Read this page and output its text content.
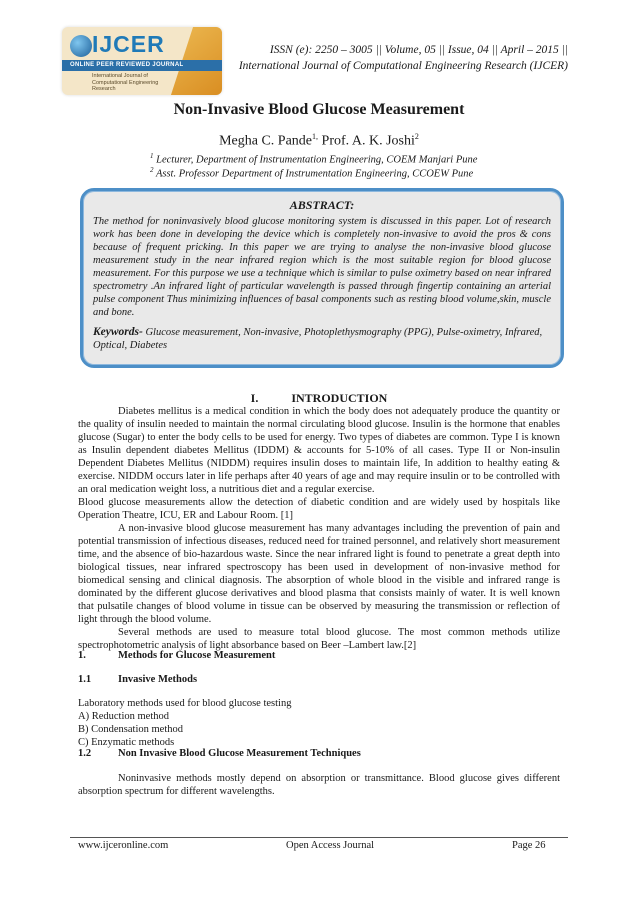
IJCER
ONLINE PEER REVIEWED JOURNAL
International Journal of Computational Engineering Research
ISSN (e): 2250 – 3005 || Volume, 05 || Issue, 04 || April – 2015 ||
International Journal of Computational Engineering Research (IJCER)
Non-Invasive Blood Glucose Measurement
Megha C. Pande$^{1,}$ Prof. A. K. Joshi$^2$
$^1$ Lecturer, Department of Instrumentation Engineering, COEM Manjari Pune
$^2$ Asst. Professor Department of Instrumentation Engineering, CCOEW Pune
ABSTRACT:

The method for noninvasively blood glucose monitoring system is discussed in this paper. Lot of research work has been done in developing the device which is completely non-invasive to avoid the pros & cons because of frequent pricking. In this paper we are trying to analyse the non-invasive blood glucose measurement study in the near infrared region which is the most suitable region for blood glucose measurement. For this purpose we use a technique which is similar to pulse oximetry based on near infrared spectrometry .An infrared light of particular wavelength is passed through fingertip containing an arterial pulse component Thus minimizing influences of basal components such as resting blood volume,skin, muscle and bone.

Keywords- Glucose measurement, Non-invasive, Photoplethysmography (PPG), Pulse-oximetry, Infrared, Optical, Diabetes

I. INTRODUCTION

Diabetes mellitus is a medical condition in which the body does not adequately produce the quantity or the quality of insulin needed to maintain the normal circulating blood glucose. Insulin is the hormone that enables glucose (Sugar) to enter the body cells to be used for energy. Two types of diabetes are common. Type I is known as Insulin dependent diabetes Mellitus (IDDM) & accounts for 5-10% of all cases. Type II or Non-insulin Dependent Diabetes Mellitus (NIDDM) requires insulin doses to maintain life, In addition to healthy eating & exercise. NIDDM occurs later in life perhaps after 40 years of age and may require insulin or to be controlled with an oral medication weight loss, a nutritious diet and a regular exercise.

Blood glucose measurements allow the detection of diabetic condition and are widely used by hospitals like Operation Theatre, ICU, ER and Labour Room. [1]

A non-invasive blood glucose measurement has many advantages including the prevention of pain and potential transmission of infectious diseases, reduced need for trained personnel, and relatively short measurement time, and the absence of bio-hazardous waste. Since the near infrared light is found to penetrate a great depth into biological tissues, near infrared spectroscopy has been used in development of non-invasive method for biomedical sensing and clinical diagnosis. The absorption of whole blood in the visible and infrared range is dominated by the different glucose derivatives and blood plasma that consists mainly of water. It is well known that pulsatile changes of blood volume in tissue can be observed by measuring the transmission or reflection of light through the blood volume.

Several methods are used to measure total blood glucose. The most common methods utilize spectrophotometric analysis of light absorbance based on Beer –Lambert law.[2]

1.	Methods for Glucose Measurement
1.1	Invasive Methods
Laboratory methods used for blood glucose testing
A) Reduction method
B) Condensation method
C) Enzymatic methods
1.2	Non Invasive Blood Glucose Measurement Techniques

Noninvasive methods mostly depend on absorption or transmittance. Blood glucose gives different absorption spectrum for different wavelengths.

www.ijceronline.com	Open Access Journal	Page 26
